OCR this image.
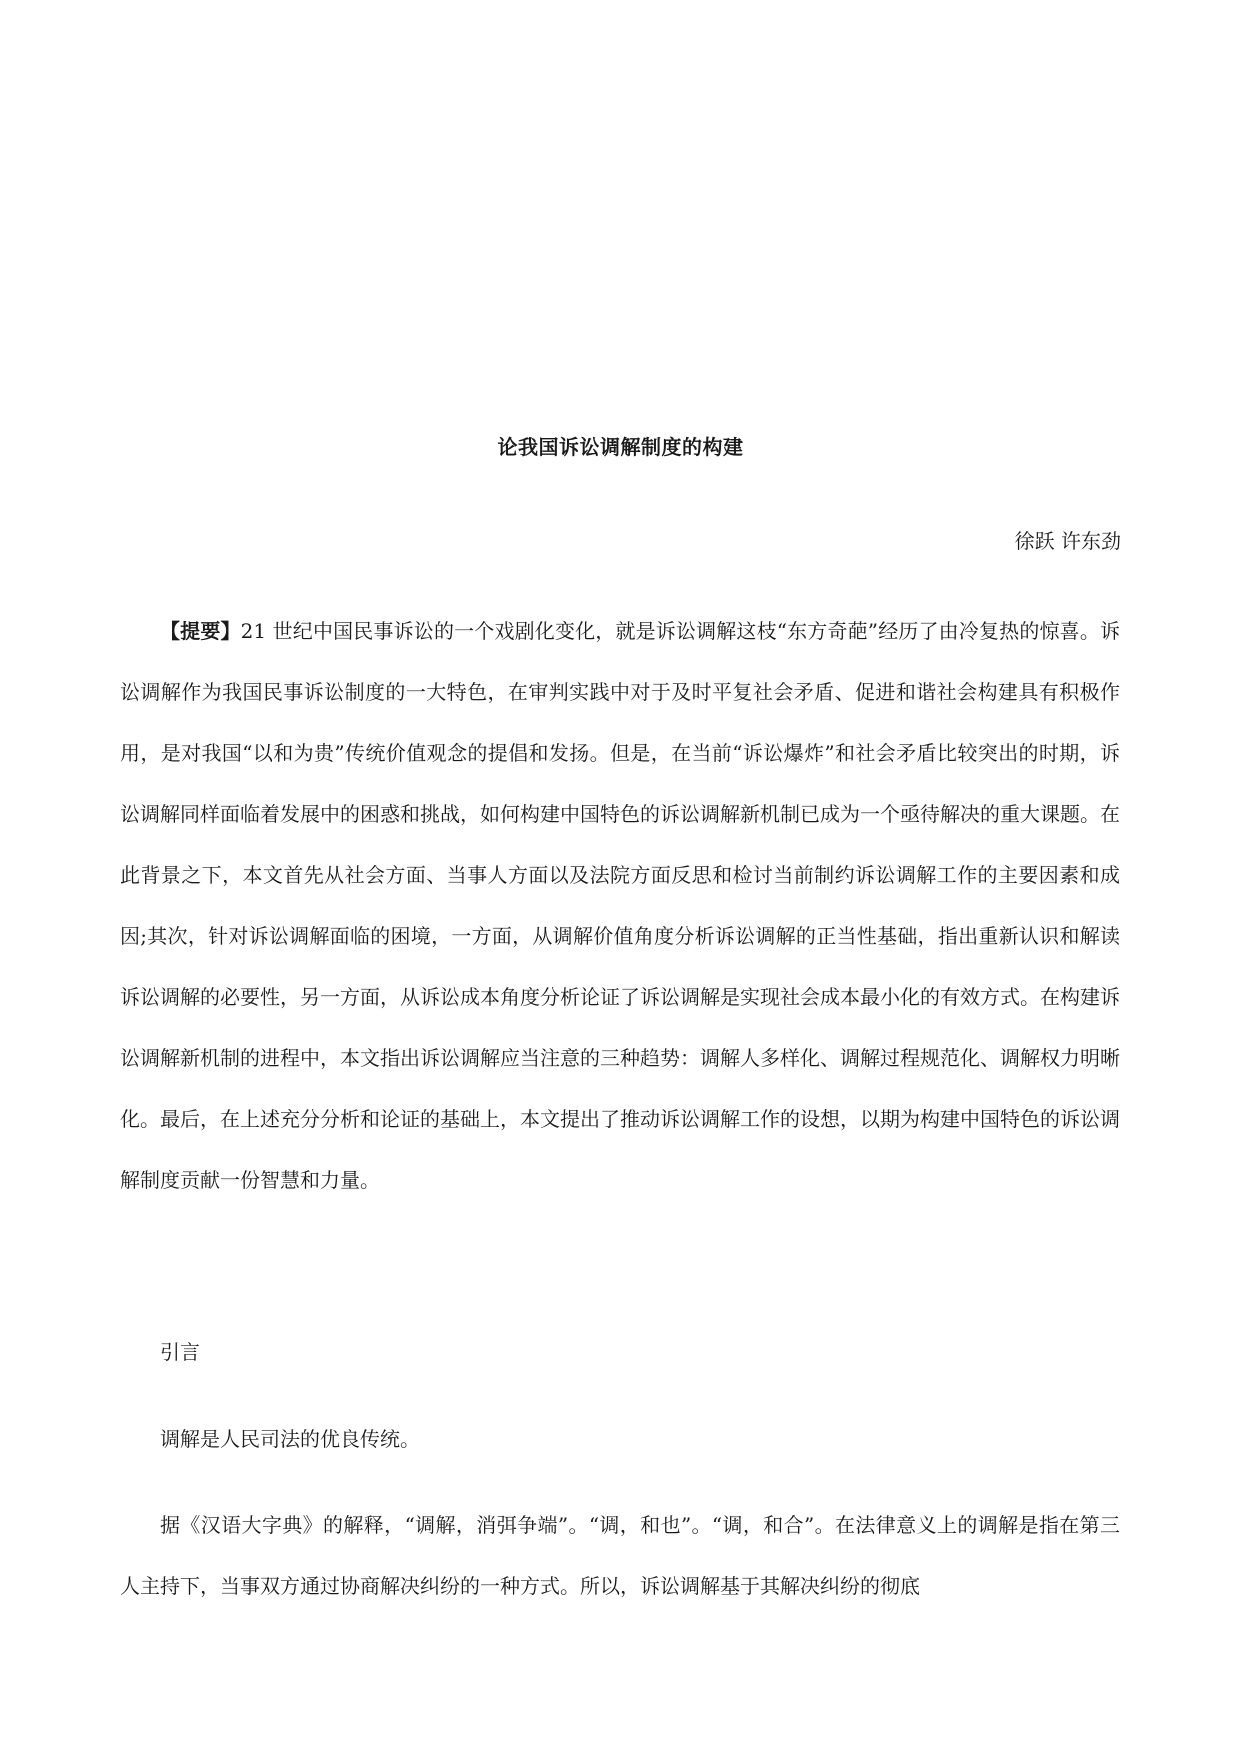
论我国诉讼调解制度的构建

徐跃 许东劲

【提要】21 世纪中国民事诉讼的一个戏剧化变化，就是诉讼调解这枝“东方奇葩”经历了由冷复热的惊喜。诉讼调解作为我国民事诉讼制度的一大特色，在审判实践中对于及时平复社会矛盾、促进和谐社会构建具有积极作用，是对我国“以和为贵”传统价值观念的提倡和发扬。但是，在当前“诉讼爆炸”和社会矛盾比较突出的时期，诉讼调解同样面临着发展中的困惑和挑战，如何构建中国特色的诉讼调解新机制已成为一个亟待解决的重大课题。在此背景之下，本文首先从社会方面、当事人方面以及法院方面反思和检讨当前制约诉讼调解工作的主要因素和成因;其次，针对诉讼调解面临的困境，一方面，从调解价值角度分析诉讼调解的正当性基础，指出重新认识和解读诉讼调解的必要性，另一方面，从诉讼成本角度分析论证了诉讼调解是实现社会成本最小化的有效方式。在构建诉讼调解新机制的进程中，本文指出诉讼调解应当注意的三种趋势：调解人多样化、调解过程规范化、调解权力明晰化。最后，在上述充分分析和论证的基础上，本文提出了推动诉讼调解工作的设想，以期为构建中国特色的诉讼调解制度贡献一份智慧和力量。

引言

调解是人民司法的优良传统。

据《汉语大字典》的解释，“调解，消弭争端”。“调，和也”。“调，和合”。在法律意义上的调解是指在第三人主持下，当事双方通过协商解决纠纷的一种方式。所以，诉讼调解基于其解决纠纷的彻底
